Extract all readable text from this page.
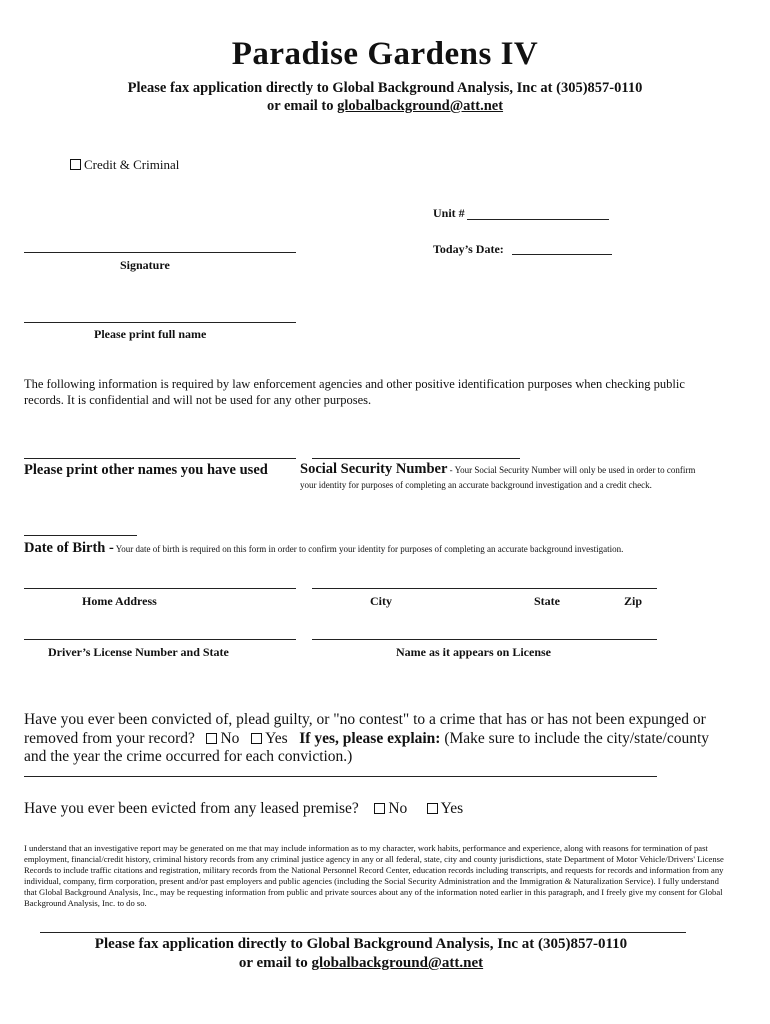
Paradise Gardens IV
Please fax application directly to Global Background Analysis, Inc at (305)857-0110
or email to globalbackground@att.net
Credit & Criminal
Unit #
Today’s Date:
Signature
Please print full name
The following information is required by law enforcement agencies and other positive identification purposes when checking public records. It is confidential and will not be used for any other purposes.
Please print other names you have used Social Security Number - Your Social Security Number will only be used in order to confirm your identity for purposes of completing an accurate background investigation and a credit check.
Date of Birth - Your date of birth is required on this form in order to confirm your identity for purposes of completing an accurate background investigation.
Home Address	City	State	Zip
Driver’s License Number and State	Name as it appears on License
Have you ever been convicted of, plead guilty, or "no contest" to a crime that has or has not been expunged or removed from your record? No Yes If yes, please explain: (Make sure to include the city/state/county and the year the crime occurred for each conviction.)
Have you ever been evicted from any leased premise? No Yes
I understand that an investigative report may be generated on me that may include information as to my character, work habits, performance and experience, along with reasons for termination of past employment, financial/credit history, criminal history records from any criminal justice agency in any or all federal, state, city and county jurisdictions, state Department of Motor Vehicle/Drivers' License Records to include traffic citations and registration, military records from the National Personnel Record Center, education records including transcripts, and requests for records and information from any individual, company, firm corporation, present and/or past employers and public agencies (including the Social Security Administration and the Immigration & Naturalization Service). I fully understand that Global Background Analysis, Inc., may be requesting information from public and private sources about any of the information noted earlier in this paragraph, and I freely give my consent for Global Background Analysis, Inc. to do so.
Please fax application directly to Global Background Analysis, Inc at (305)857-0110
or email to globalbackground@att.net
